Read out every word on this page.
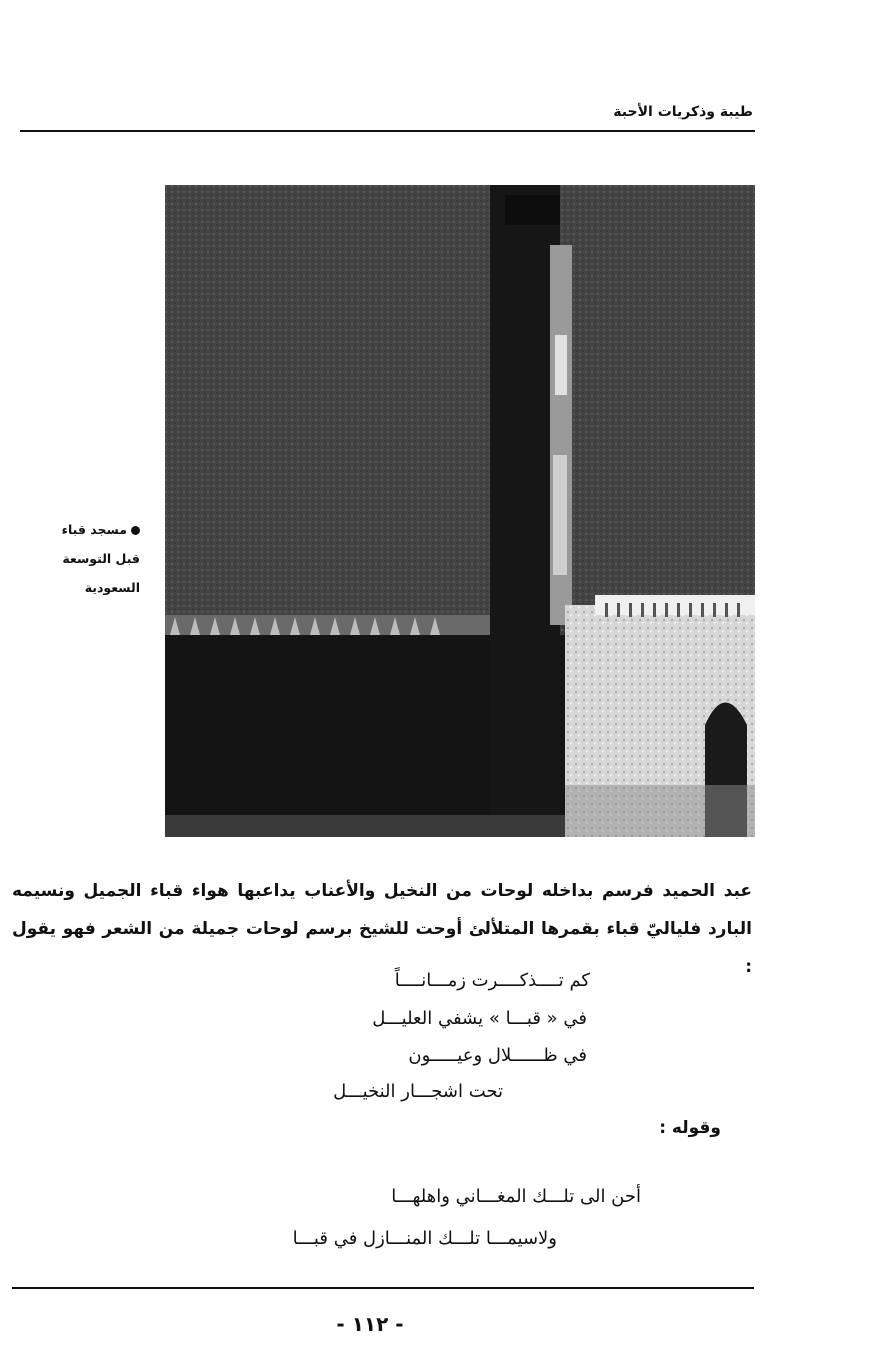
طيبة وذكريات الأحبة
مسجد قباء
قبل التوسعة
السعودية

عبد الحميد فرسم بداخله لوحات من النخيل والأعناب يداعبها هواء قباء الجميل ونسيمه

البارد فلياليّ قباء بقمرها المتلألئ أوحت للشيخ برسم لوحات جميلة من الشعر فهو يقول :

كم تــــذكــــرت زمـــانــــاً
في « قبـــا » يشفي العليـــل
في ظــــــلال وعيـــــون
تحت اشجـــار النخيـــل
وقوله :
أحن الى تلـــك المغـــاني واهلهـــا
ولاسيمـــا تلـــك المنـــازل في قبـــا
- ١١٢ -
